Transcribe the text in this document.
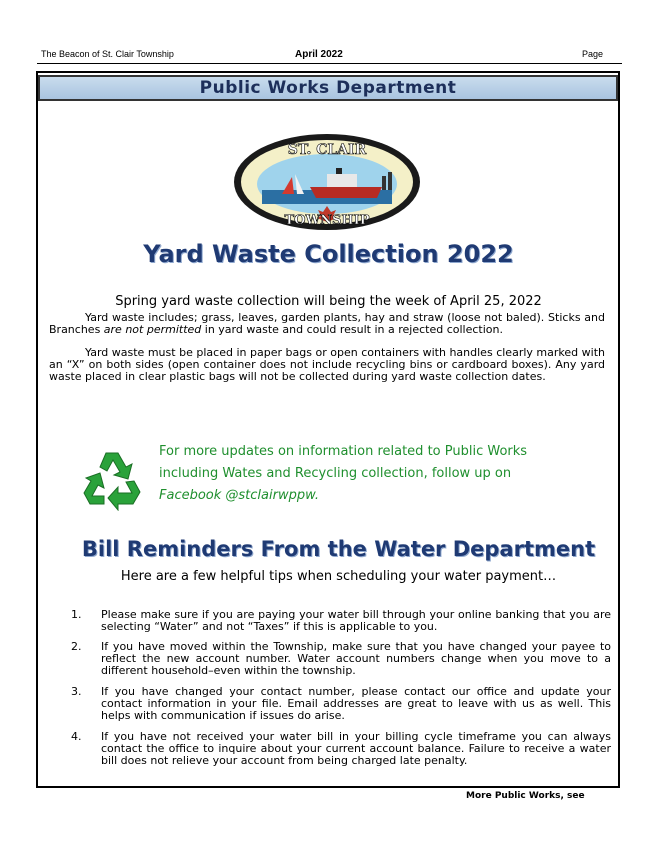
The Beacon of St. Clair Township	April 2022	Page
Public Works Department
ST. CLAIR
TOWNSHIP
Yard Waste Collection 2022
Spring yard waste collection will being the week of April 25, 2022

Yard waste includes; grass, leaves, garden plants, hay and straw (loose not baled). Sticks and Branches are not permitted in yard waste and could result in a rejected collection.

Yard waste must be placed in paper bags or open containers with handles clearly marked with an “X” on both sides (open container does not include recycling bins or cardboard boxes). Any yard waste placed in clear plastic bags will not be collected during yard waste collection dates.

For more updates on information related to Public Works
including Wates and Recycling collection, follow up on
Facebook @stclairwppw.
Bill Reminders From the Water Department
Here are a few helpful tips when scheduling your water payment…

1. Please make sure if you are paying your water bill through your online banking that you are selecting “Water” and not “Taxes” if this is applicable to you.

2. If you have moved within the Township, make sure that you have changed your payee to reflect the new account number. Water account numbers change when you move to a different household–even within the township.

3. If you have changed your contact number, please contact our office and update your contact information in your file. Email addresses are great to leave with us as well. This helps with communication if issues do arise.

4. If you have not received your water bill in your billing cycle timeframe you can always contact the office to inquire about your current account balance. Failure to receive a water bill does not relieve your account from being charged late penalty.

More Public Works, see
